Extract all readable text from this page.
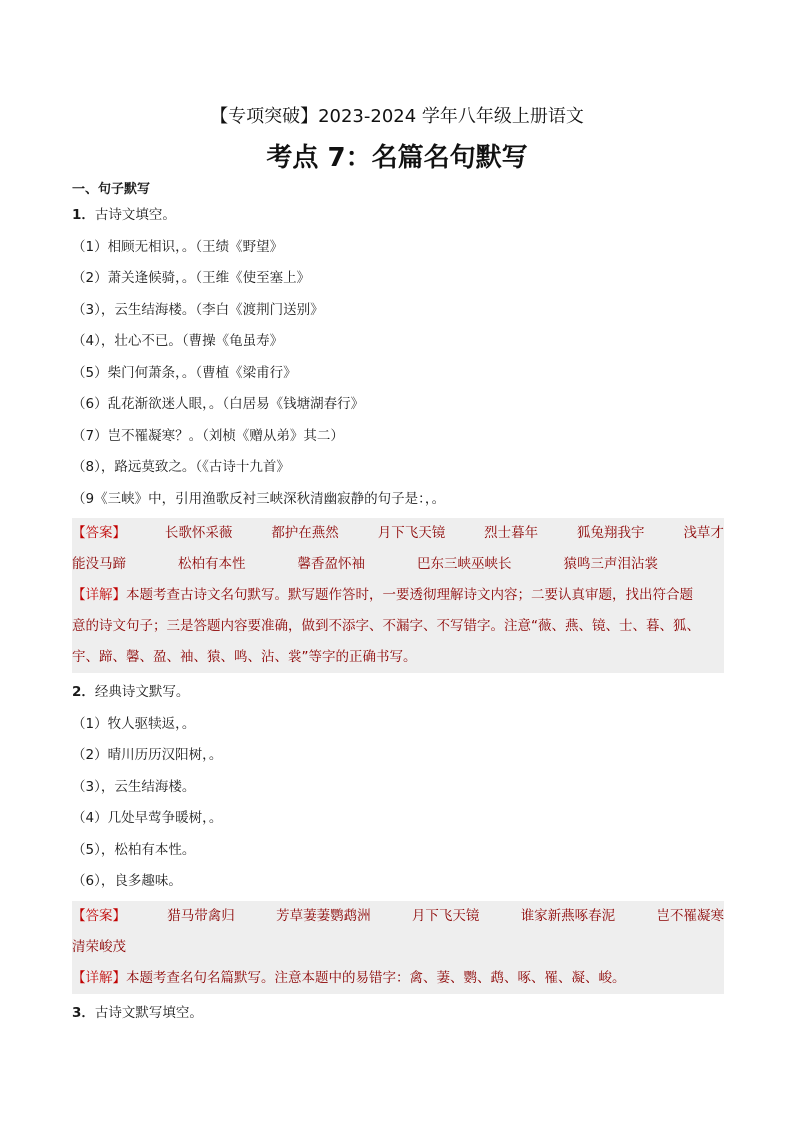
【专项突破】2023-2024 学年八年级上册语文
考点 7：名篇名句默写
一、句子默写
1．古诗文填空。
（1）相顾无相识，。（王绩《野望》
（2）萧关逢候骑，。（王维《使至塞上》
（3），云生结海楼。（李白《渡荆门送别》
（4），壮心不已。（曹操《龟虽寿》
（5）柴门何萧条，。（曹植《梁甫行》
（6）乱花渐欲迷人眼，。（白居易《钱塘湖春行》
（7）岂不罹凝寒？。（刘桢《赠从弟》其二）
（8），路远莫致之。（《古诗十九首》
（9《三峡》中，引用渔歌反衬三峡深秋清幽寂静的句子是：，。
【答案】	长歌怀采薇	都护在燕然	月下飞天镜	烈士暮年	狐兔翔我宇	浅草才
能没马蹄	松柏有本性	馨香盈怀袖	巴东三峡巫峡长	猿鸣三声泪沾裳
【详解】本题考查古诗文名句默写。默写题作答时，一要透彻理解诗文内容；二要认真审题，找出符合题
意的诗文句子；三是答题内容要准确，做到不添字、不漏字、不写错字。注意“薇、燕、镜、士、暮、狐、
宇、蹄、馨、盈、袖、猿、鸣、沾、裳”等字的正确书写。
2．经典诗文默写。
（1）牧人驱犊返，。
（2）晴川历历汉阳树，。
（3），云生结海楼。
（4）几处早莺争暖树，。
（5），松柏有本性。
（6），良多趣味。
【答案】	猎马带禽归	芳草萋萋鹦鹉洲	月下飞天镜	谁家新燕啄春泥	岂不罹凝寒
清荣峻茂
【详解】本题考查名句名篇默写。注意本题中的易错字：禽、萋、鹦、鹉、啄、罹、凝、峻。
3．古诗文默写填空。
